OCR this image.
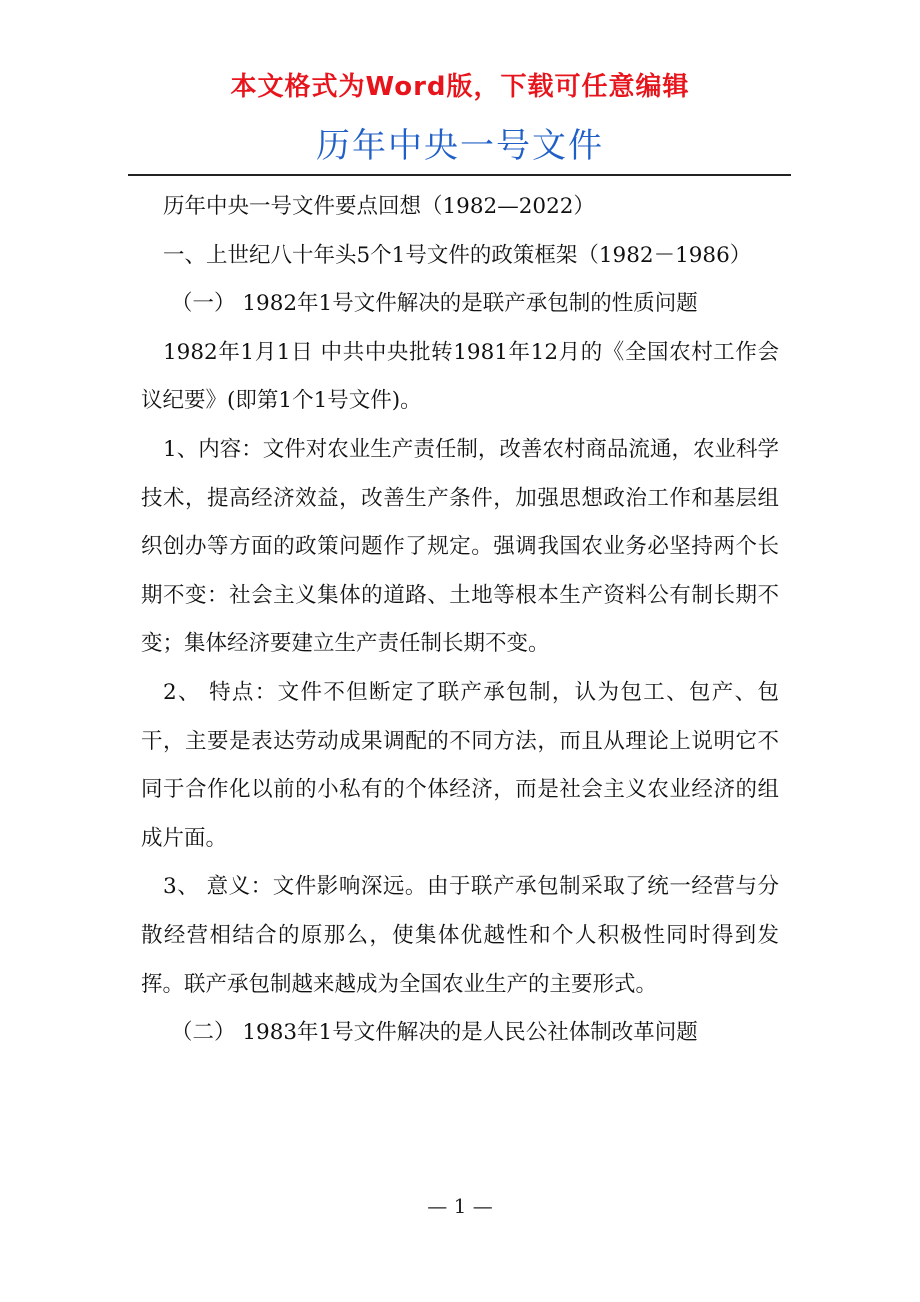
本文格式为Word版，下载可任意编辑
历年中央一号文件

历年中央一号文件要点回想（1982—2022）

一、上世纪八十年头5个1号文件的政策框架（1982－1986）

（一） 1982年1号文件解决的是联产承包制的性质问题

1982年1月1日 中共中央批转1981年12月的《全国农村工作会议纪要》(即第1个1号文件)。

1、内容：文件对农业生产责任制，改善农村商品流通，农业科学技术，提高经济效益，改善生产条件，加强思想政治工作和基层组织创办等方面的政策问题作了规定。强调我国农业务必坚持两个长期不变：社会主义集体的道路、土地等根本生产资料公有制长期不变；集体经济要建立生产责任制长期不变。

2、 特点：文件不但断定了联产承包制，认为包工、包产、包干，主要是表达劳动成果调配的不同方法，而且从理论上说明它不同于合作化以前的小私有的个体经济，而是社会主义农业经济的组成片面。

3、 意义：文件影响深远。由于联产承包制采取了统一经营与分散经营相结合的原那么，使集体优越性和个人积极性同时得到发挥。联产承包制越来越成为全国农业生产的主要形式。

（二） 1983年1号文件解决的是人民公社体制改革问题

— 1 —
